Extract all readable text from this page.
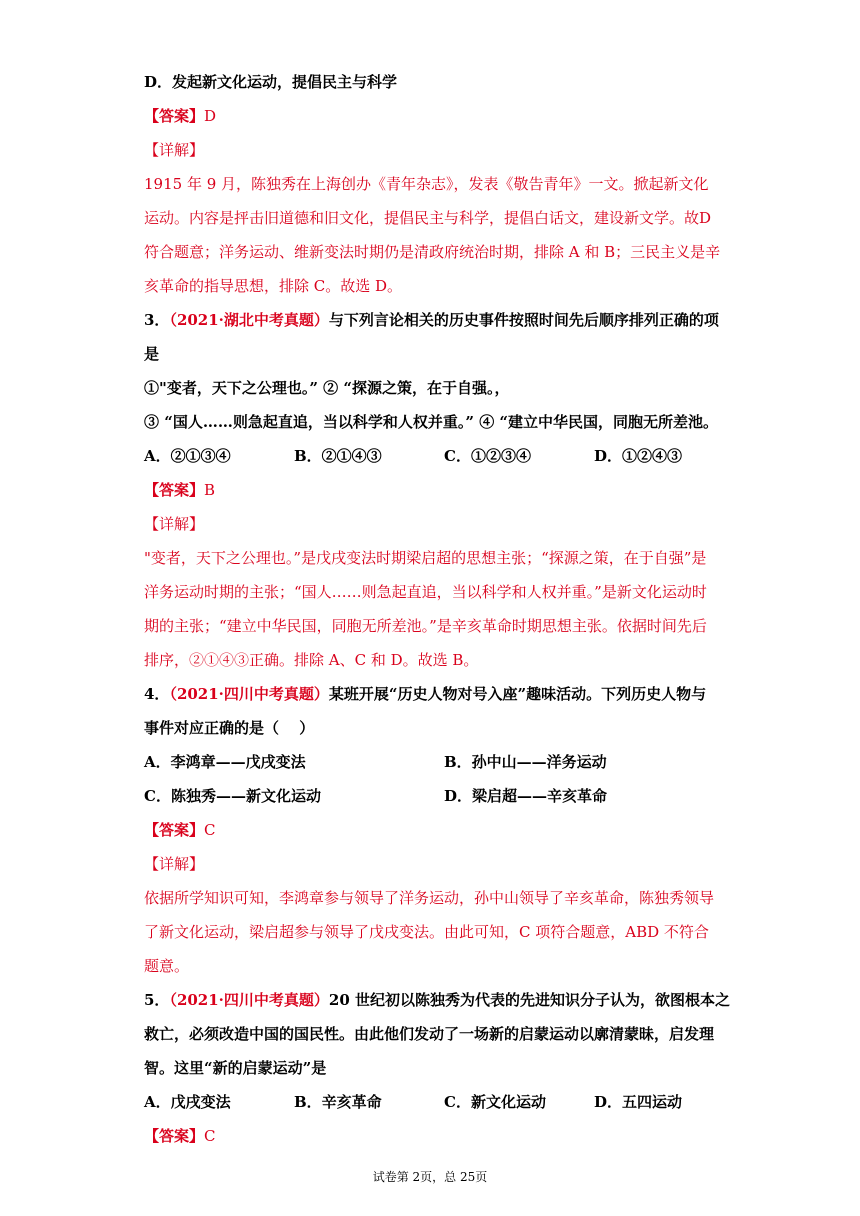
D．发起新文化运动，提倡民主与科学
【答案】D
【详解】
1915 年 9 月，陈独秀在上海创办《青年杂志》，发表《敬告青年》一文。掀起新文化
运动。内容是抨击旧道德和旧文化，提倡民主与科学，提倡白话文，建设新文学。故D
符合题意；洋务运动、维新变法时期仍是清政府统治时期，排除 A 和 B；三民主义是辛
亥革命的指导思想，排除 C。故选 D。
3．（2021·湖北中考真题）与下列言论相关的历史事件按照时间先后顺序排列正确的项
是
①"变者，天下之公理也。” ② “探源之策，在于自强。，
③ “国人……则急起直追，当以科学和人权并重。” ④ “建立中华民国，同胞无所差池。
A．②①③④	B．②①④③	C．①②③④	D．①②④③
【答案】B
【详解】
"变者，天下之公理也。”是戊戌变法时期梁启超的思想主张；“探源之策，在于自强”是
洋务运动时期的主张；“国人……则急起直追，当以科学和人权并重。”是新文化运动时
期的主张；“建立中华民国，同胞无所差池。”是辛亥革命时期思想主张。依据时间先后
排序，②①④③正确。排除 A、C 和 D。故选 B。
4．（2021·四川中考真题）某班开展“历史人物对号入座”趣味活动。下列历史人物与
事件对应正确的是（　 ）
A．李鸿章——戊戌变法	B．孙中山——洋务运动
C．陈独秀——新文化运动	D．梁启超——辛亥革命
【答案】C
【详解】
依据所学知识可知，李鸿章参与领导了洋务运动，孙中山领导了辛亥革命，陈独秀领导
了新文化运动，梁启超参与领导了戊戌变法。由此可知，C 项符合题意，ABD 不符合
题意。
5．（2021·四川中考真题）20 世纪初以陈独秀为代表的先进知识分子认为，欲图根本之
救亡，必须改造中国的国民性。由此他们发动了一场新的启蒙运动以廓清蒙昧，启发理
智。这里“新的启蒙运动”是
A．戊戌变法	B．辛亥革命	C．新文化运动	D．五四运动
【答案】C
试卷第 2页，总 25页
